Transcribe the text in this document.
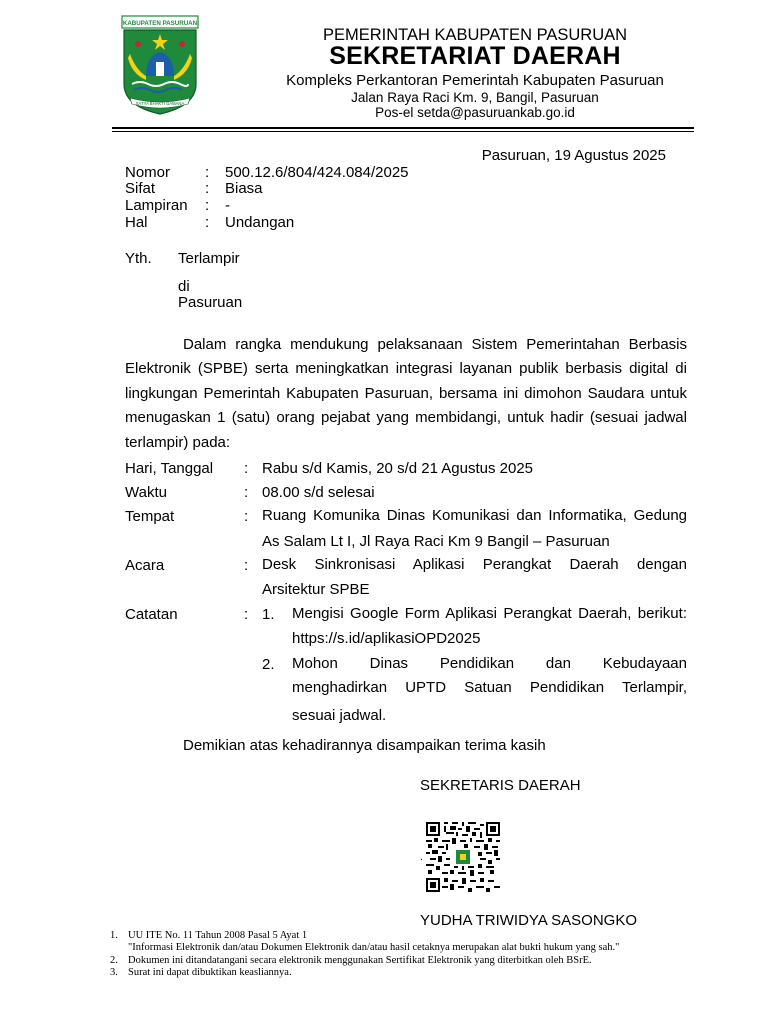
KABUPATEN PASURUAN
SATYA BHAKTI GAMANA
PEMERINTAH KABUPATEN PASURUAN
SEKRETARIAT DAERAH
Kompleks Perkantoran Pemerintah Kabupaten Pasuruan
Jalan Raya Raci Km. 9, Bangil, Pasuruan
Pos-el setda@pasuruankab.go.id
Pasuruan, 19 Agustus 2025
Nomor : 500.12.6/804/424.084/2025
Sifat	: Biasa
Lampiran : -
Hal	: Undangan
Yth. Terlampir
di
Pasuruan
Dalam rangka mendukung pelaksanaan Sistem Pemerintahan Berbasis Elektronik (SPBE) serta meningkatkan integrasi layanan publik berbasis digital di lingkungan Pemerintah Kabupaten Pasuruan, bersama ini dimohon Saudara untuk menugaskan 1 (satu) orang pejabat yang membidangi, untuk hadir (sesuai jadwal terlampir) pada:
Hari, Tanggal : Rabu s/d Kamis, 20 s/d 21 Agustus 2025
Waktu	: 08.00 s/d selesai
Tempat	: Ruang Komunika Dinas Komunikasi dan Informatika, Gedung
As Salam Lt I, Jl Raya Raci Km 9 Bangil – Pasuruan
Acara	: Desk Sinkronisasi Aplikasi Perangkat Daerah dengan
Arsitektur SPBE
Catatan	: 1. Mengisi Google Form Aplikasi Perangkat Daerah, berikut:
https://s.id/aplikasiOPD2025
2. Mohon Dinas Pendidikan dan Kebudayaan
menghadirkan UPTD Satuan Pendidikan Terlampir,
sesuai jadwal.
Demikian atas kehadirannya disampaikan terima kasih
SEKRETARIS DAERAH
.
YUDHA TRIWIDYA SASONGKO
1. UU ITE No. 11 Tahun 2008 Pasal 5 Ayat 1
"Informasi Elektronik dan/atau Dokumen Elektronik dan/atau hasil cetaknya merupakan alat bukti hukum yang sah."
2. Dokumen ini ditandatangani secara elektronik menggunakan Sertifikat Elektronik yang diterbitkan oleh BSrE.
3. Surat ini dapat dibuktikan keasliannya.
